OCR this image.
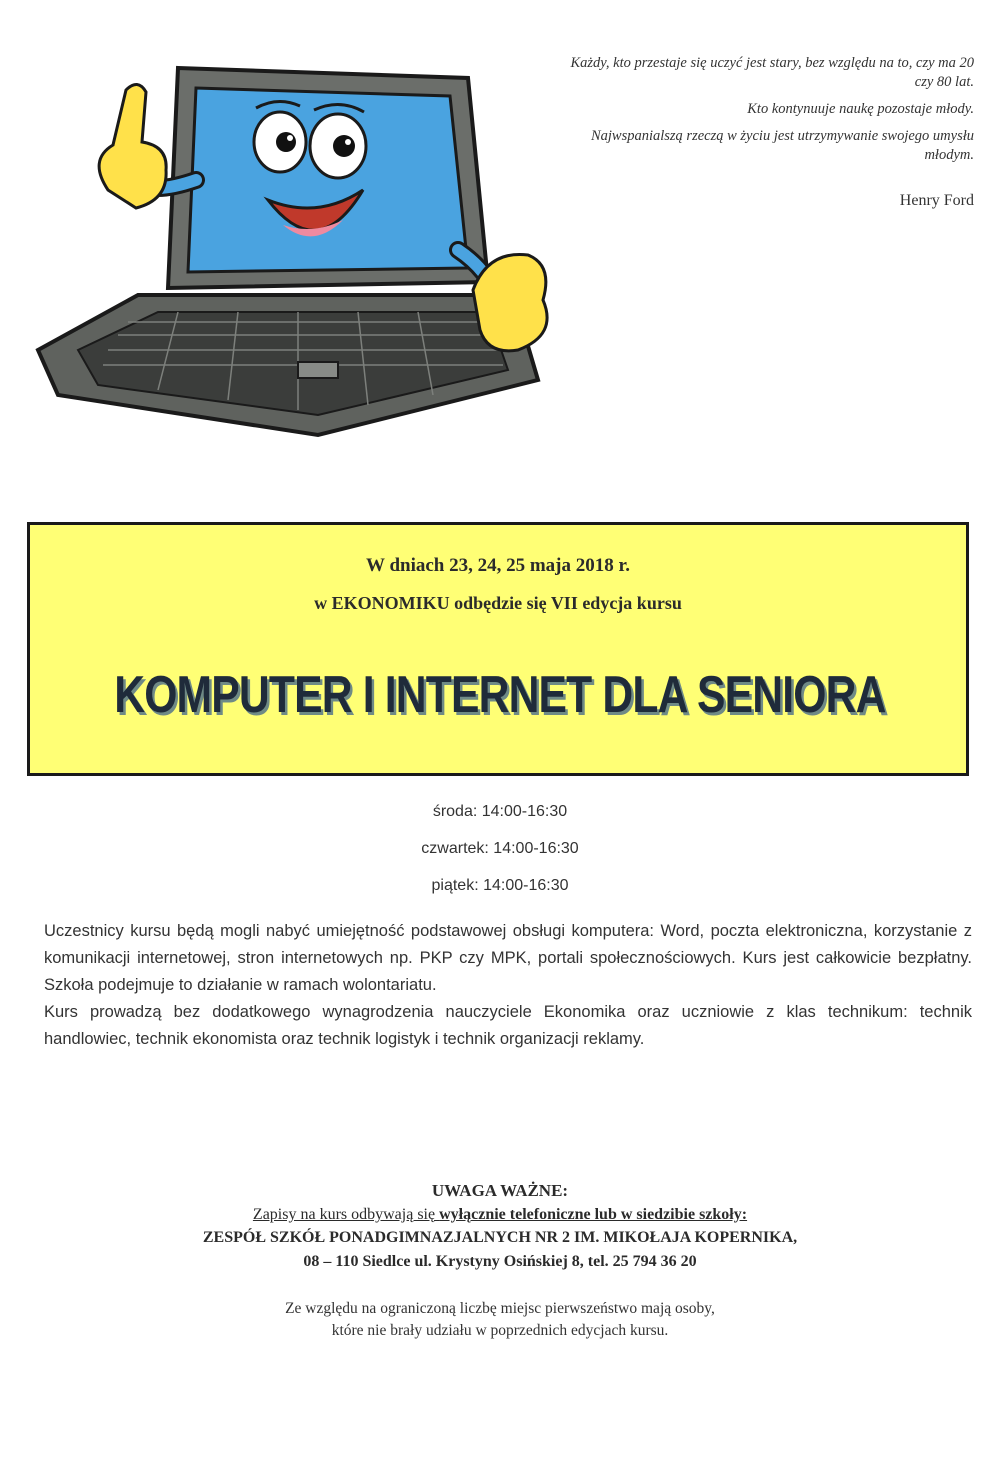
Każdy, kto przestaje się uczyć jest stary, bez względu na to, czy ma 20 czy 80 lat.

Kto kontynuuje naukę pozostaje młody.

Najwspanialszą rzeczą w życiu jest utrzymywanie swojego umysłu młodym.

Henry Ford
W dniach 23, 24, 25 maja 2018 r.
w EKONOMIKU odbędzie się VII edycja kursu
KOMPUTER I INTERNET DLA SENIORA
środa: 14:00-16:30
czwartek: 14:00-16:30
piątek: 14:00-16:30

Uczestnicy kursu będą mogli nabyć umiejętność podstawowej obsługi komputera: Word, poczta elektroniczna, korzystanie z komunikacji internetowej, stron internetowych np. PKP czy MPK, portali społecznościowych. Kurs jest całkowicie bezpłatny. Szkoła podejmuje to działanie w ramach wolontariatu.

Kurs prowadzą bez dodatkowego wynagrodzenia nauczyciele Ekonomika oraz uczniowie z klas technikum: technik handlowiec, technik ekonomista oraz technik logistyk i technik organizacji reklamy.

UWAGA WAŻNE:
Zapisy na kurs odbywają się wyłącznie telefoniczne lub w siedzibie szkoły:
ZESPÓŁ SZKÓŁ PONADGIMNAZJALNYCH NR 2 IM. MIKOŁAJA KOPERNIKA,
08 – 110 Siedlce ul. Krystyny Osińskiej 8, tel. 25 794 36 20
Ze względu na ograniczoną liczbę miejsc pierwszeństwo mają osoby,
które nie brały udziału w poprzednich edycjach kursu.
